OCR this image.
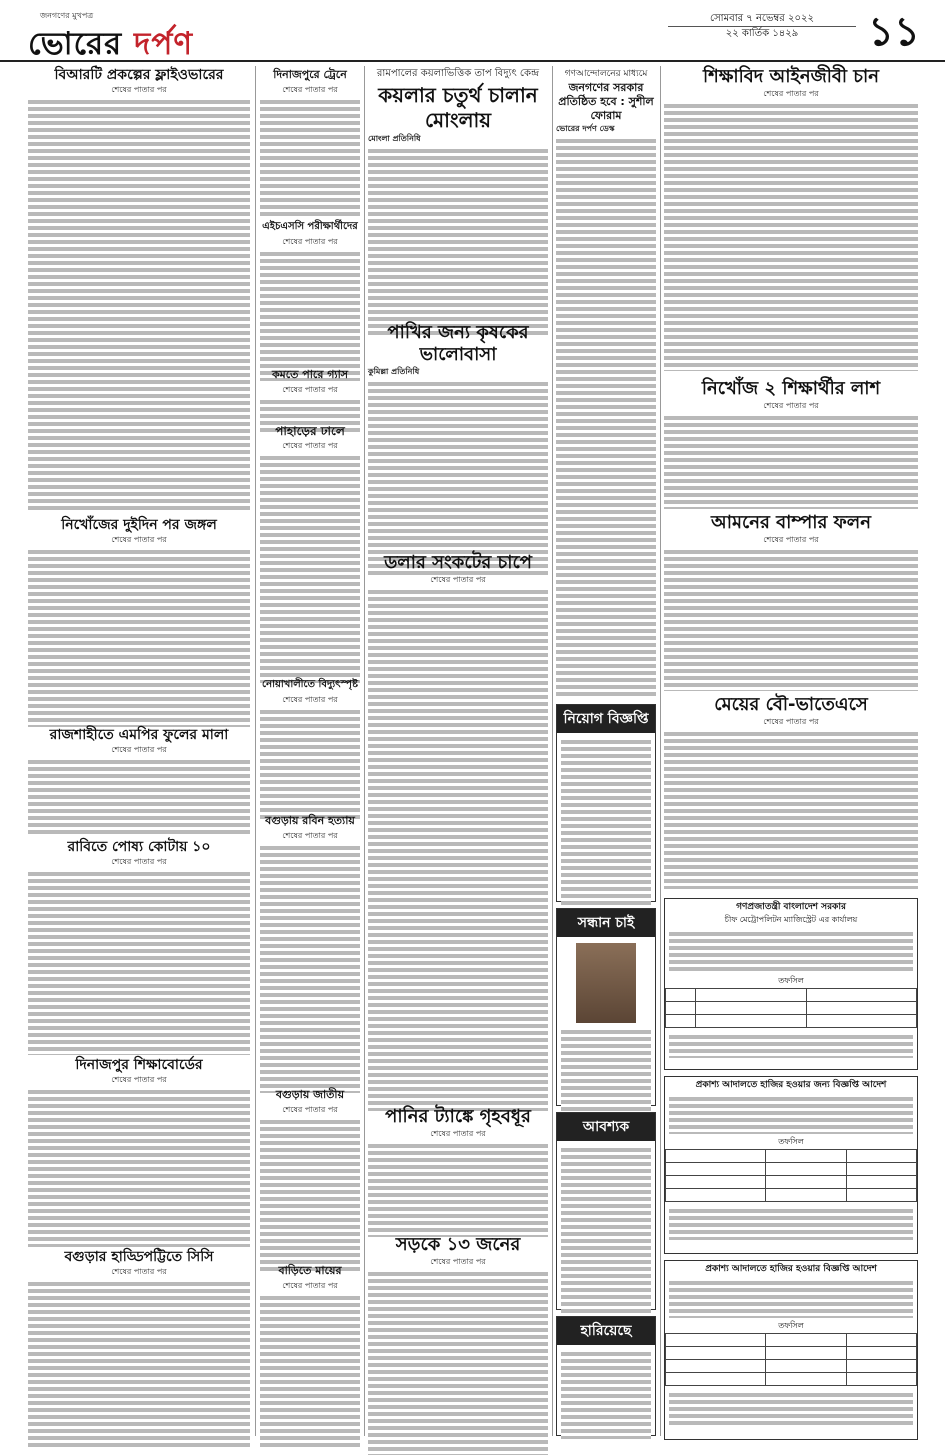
জনগণের মুখপত্র
ভোরের দর্পণ
সোমবার ৭ নভেম্বর ২০২২
২২ কার্তিক ১৪২৯	১১
বিআরটি প্রকল্পের ফ্লাইওভারের
শেষের পাতার পর
নিখোঁজের দুইদিন পর জঙ্গল
শেষের পাতার পর
রাজশাহীতে এমপির ফুলের মালা
শেষের পাতার পর
রাবিতে পোষ্য কোটায় ১০
শেষের পাতার পর
দিনাজপুর শিক্ষাবোর্ডের
শেষের পাতার পর
বগুড়ার হাড্ডিপট্টিতে সিসি
শেষের পাতার পর
দিনাজপুরে ট্রেনে
শেষের পাতার পর
এইচএসসি পরীক্ষার্থীদের
শেষের পাতার পর
কমতে পারে গ্যাস
শেষের পাতার পর
পাহাড়ের ঢালে
শেষের পাতার পর
নোয়াখালীতে বিদ্যুৎস্পৃষ্ট
শেষের পাতার পর
বগুড়ায় রবিন হত্যায়
শেষের পাতার পর
বগুড়ায় জাতীয়
শেষের পাতার পর
বাড়িতে মায়ের
শেষের পাতার পর
রামপালের কয়লাভিত্তিক তাপ বিদ্যুৎ কেন্দ্র
কয়লার চতুর্থ চালান মোংলায়
মোংলা প্রতিনিধি
পাখির জন্য কৃষকের ভালোবাসা
কুমিল্লা প্রতিনিধি
ডলার সংকটের চাপে
শেষের পাতার পর
পানির ট্যাঙ্কে গৃহবধূর
শেষের পাতার পর
সড়কে ১৩ জনের
শেষের পাতার পর
গণআন্দোলনের মাধ্যমে
জনগণের সরকার প্রতিষ্ঠিত হবে : সুশীল ফোরাম
ভোরের দর্পণ ডেস্ক
নিয়োগ বিজ্ঞপ্তি
সন্ধান চাই
আবশ্যক
হারিয়েছে
শিক্ষাবিদ আইনজীবী চান
শেষের পাতার পর
নিখোঁজ ২ শিক্ষার্থীর লাশ
শেষের পাতার পর
আমনের বাম্পার ফলন
শেষের পাতার পর
মেয়ের বৌ-ভাতেএসে
শেষের পাতার পর
গণপ্রজাতন্ত্রী বাংলাদেশ সরকার
চীফ মেট্রোপলিটন ম্যাজিস্ট্রেট এর কার্যালয়
তফসিল

প্রকাশ্য আদালতে হাজির হওয়ার জন্য বিজ্ঞপ্তি আদেশ
তফসিল

প্রকাশ্য আদালতে হাজির হওয়ার বিজ্ঞপ্তি আদেশ
তফসিল
